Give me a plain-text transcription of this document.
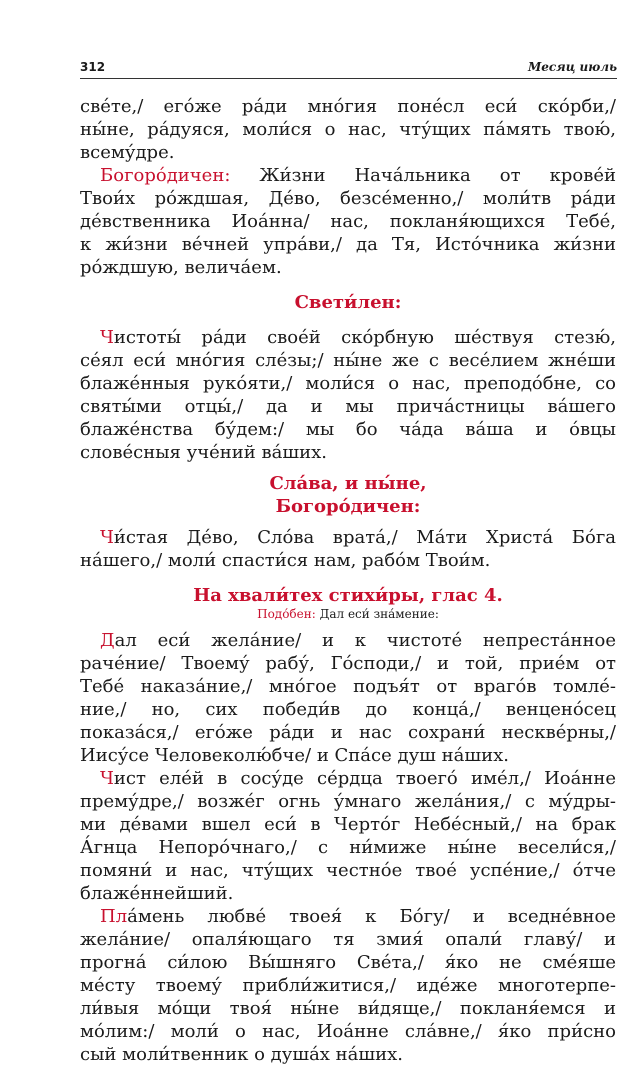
312	Месяц июль
све́те,/ его́же ра́ди мно́гия поне́сл еси́ ско́рби,/
ны́не, ра́дуяся, моли́ся о нас, чту́щих па́мять твою́,
всему́дре.
Богоро́дичен: Жи́зни Нача́льника от крове́й
Твои́х ро́ждшая, Де́во, безсе́менно,/ моли́тв ра́ди
де́вственника Иоа́нна/ нас, покланя́ющихся Тебе́,
к жи́зни ве́чней упра́ви,/ да Тя, Исто́чника жи́зни
ро́ждшую, велича́ем.
Свети́лен:
Чистоты́ ра́ди свое́й ско́рбную ше́ствуя стезю́,
се́ял еси́ мно́гия сле́зы;/ ны́не же с весе́лием жне́ши
блаже́нныя руко́яти,/ моли́ся о нас, преподо́бне, со
святы́ми отцы́,/ да и мы прича́стницы ва́шего
блаже́нства бу́дем:/ мы бо ча́да ва́ша и о́вцы
слове́сныя уче́ний ва́ших.
Сла́ва, и ны́не,
Богоро́дичен:
Чи́стая Де́во, Сло́ва врата́,/ Ма́ти Христа́ Бо́га
на́шего,/ моли́ спасти́ся нам, рабо́м Твои́м.
На хвали́тех стихи́ры, глас 4.
Подо́бен: Дал еси́ зна́мение:
Дал еси́ жела́ние/ и к чистоте́ непреста́нное
рачéние/ Твоему́ рабу́, Го́споди,/ и той, прие́м от
Тебе́ наказа́ние,/ мно́гое подъя́т от враго́в томле́-
ние,/ но, сих победи́в до конца́,/ венцено́сец
показа́ся,/ его́же ра́ди и нас сохрани́ нескве́рны,/
Иису́се Человеколю́бче/ и Спа́се душ на́ших.
Чист еле́й в сосу́де се́рдца твоего́ име́л,/ Иоа́нне
прему́дре,/ возже́г огнь у́мнаго жела́ния,/ с му́дры-
ми де́вами вшел еси́ в Черто́г Небе́сный,/ на брак
А́гнца Непоро́чнаго,/ с ни́миже ны́не весели́ся,/
помяни́ и нас, чту́щих честно́е твое́ успе́ние,/ о́тче
блаже́ннейший.
Пла́мень любве́ твоея́ к Бо́гу/ и вседне́вное
жела́ние/ опаля́ющаго тя змия́ опали́ главу́/ и
прогна́ си́лою Вы́шняго Све́та,/ я́ко не сме́яше
ме́сту твоему́ прибли́житися,/ иде́же многотерпе-
ли́выя мо́щи твоя́ ны́не ви́дяще,/ покланя́емся и
мо́лим:/ моли́ о нас, Иоа́нне сла́вне,/ я́ко при́сно
сый моли́твенник о душа́х на́ших.
